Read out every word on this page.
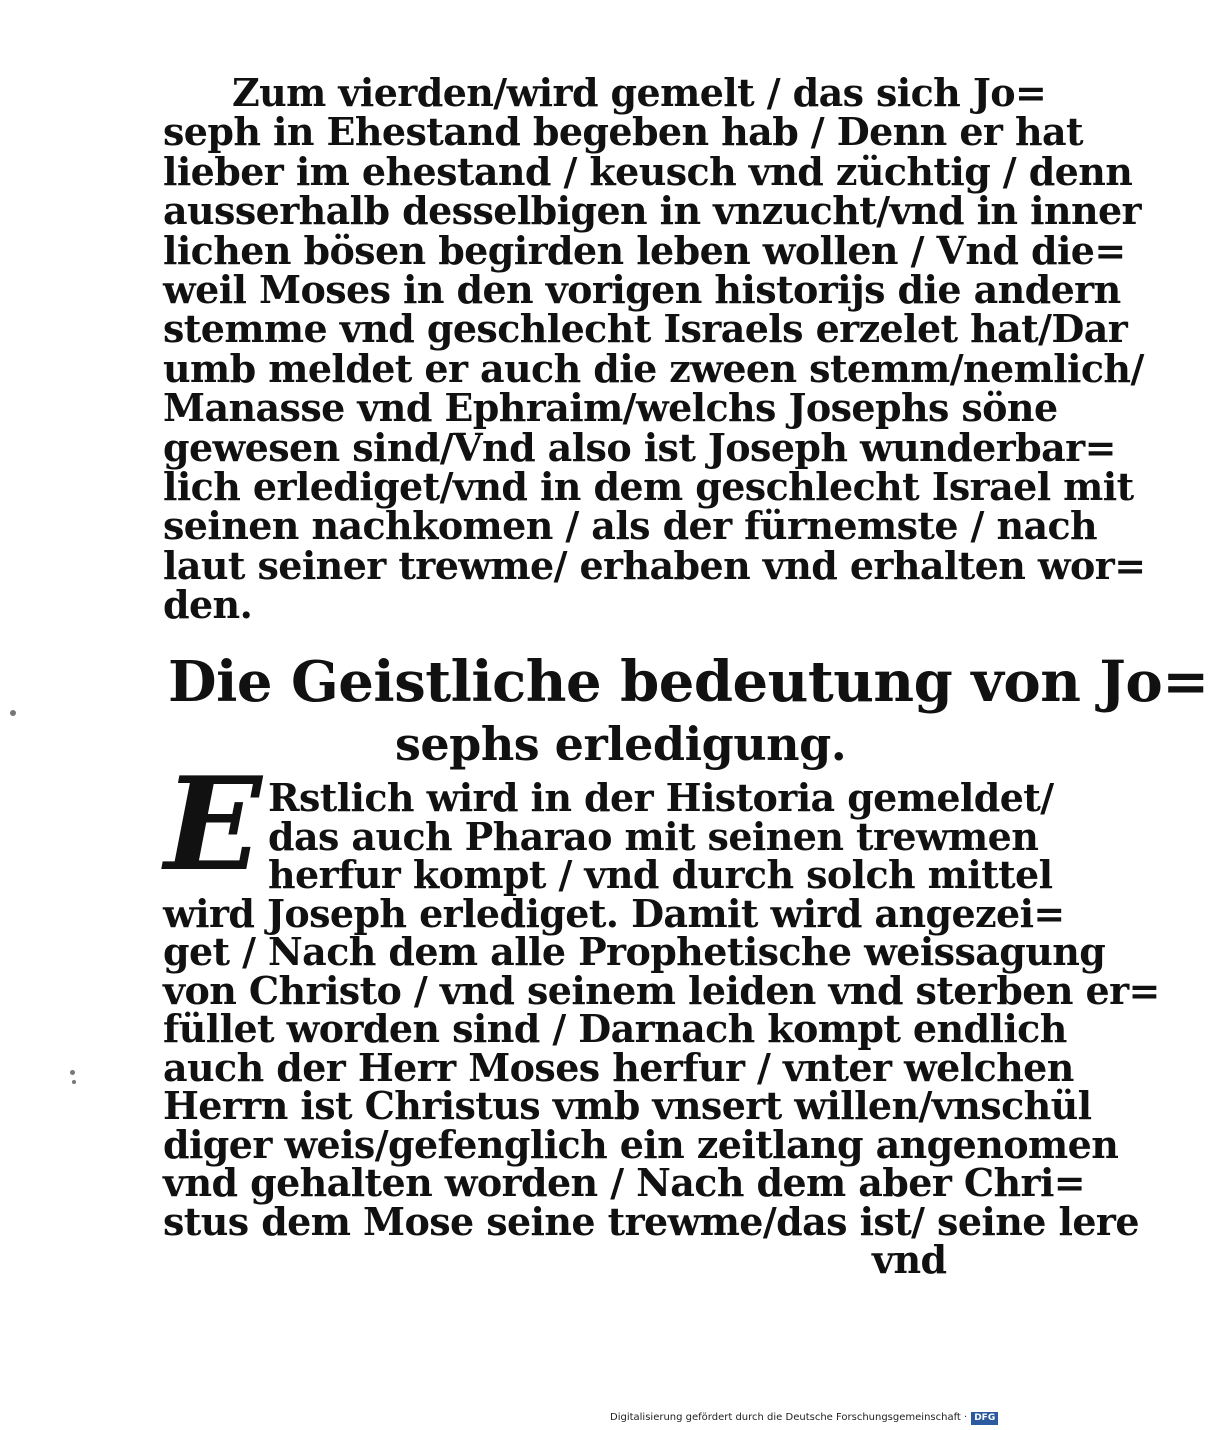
Zum vierden/wird gemelt / das sich Jo=
seph in Ehestand begeben hab / Denn er hat
lieber im ehestand / keusch vnd züchtig / denn
ausserhalb desselbigen in vnzucht/vnd in inner
lichen bösen begirden leben wollen / Vnd die=
weil Moses in den vorigen historijs die andern
stemme vnd geschlecht Israels erzelet hat/Dar
umb meldet er auch die zween stemm/nemlich/
Manasse vnd Ephraim/welchs Josephs söne
gewesen sind/Vnd also ist Joseph wunderbar=
lich erlediget/vnd in dem geschlecht Israel mit
seinen nachkomen / als der fürnemste / nach
laut seiner trewme/ erhaben vnd erhalten wor=
den.
Die Geistliche bedeutung von Jo=
sephs erledigung.
E Rstlich wird in der Historia gemeldet/
das auch Pharao mit seinen trewmen
herfur kompt / vnd durch solch mittel
wird Joseph erlediget. Damit wird angezei=
get / Nach dem alle Prophetische weissagung
von Christo / vnd seinem leiden vnd sterben er=
füllet worden sind / Darnach kompt endlich
auch der Herr Moses herfur / vnter welchen
Herrn ist Christus vmb vnsert willen/vnschül
diger weis/gefenglich ein zeitlang angenomen
vnd gehalten worden / Nach dem aber Chri=
stus dem Mose seine trewme/das ist/ seine lere
vnd
Digitalisierung gefördert durch die Deutsche Forschungsgemeinschaft · DFG
